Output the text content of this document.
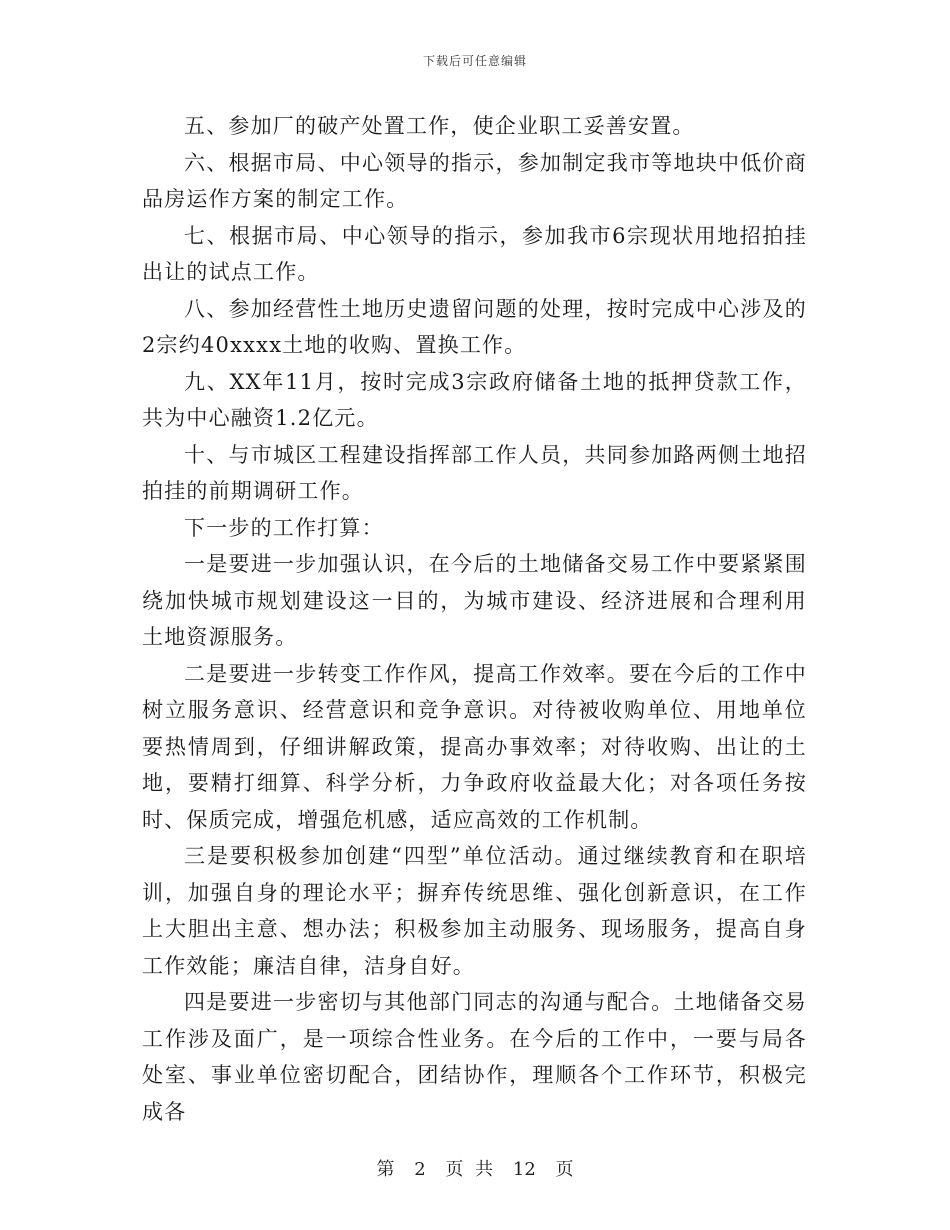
下载后可任意编辑

五、参加厂的破产处置工作，使企业职工妥善安置。

六、根据市局、中心领导的指示，参加制定我市等地块中低价商品房运作方案的制定工作。

七、根据市局、中心领导的指示，参加我市6宗现状用地招拍挂出让的试点工作。

八、参加经营性土地历史遗留问题的处理，按时完成中心涉及的2宗约40xxxx土地的收购、置换工作。

九、XX年11月，按时完成3宗政府储备土地的抵押贷款工作，共为中心融资1.2亿元。

十、与市城区工程建设指挥部工作人员，共同参加路两侧土地招拍挂的前期调研工作。

下一步的工作打算：

一是要进一步加强认识，在今后的土地储备交易工作中要紧紧围绕加快城市规划建设这一目的，为城市建设、经济进展和合理利用土地资源服务。

二是要进一步转变工作作风，提高工作效率。要在今后的工作中树立服务意识、经营意识和竞争意识。对待被收购单位、用地单位要热情周到，仔细讲解政策，提高办事效率；对待收购、出让的土地，要精打细算、科学分析，力争政府收益最大化；对各项任务按时、保质完成，增强危机感，适应高效的工作机制。

三是要积极参加创建“四型”单位活动。通过继续教育和在职培训，加强自身的理论水平；摒弃传统思维、强化创新意识，在工作上大胆出主意、想办法；积极参加主动服务、现场服务，提高自身工作效能；廉洁自律，洁身自好。

四是要进一步密切与其他部门同志的沟通与配合。土地储备交易工作涉及面广，是一项综合性业务。在今后的工作中，一要与局各处室、事业单位密切配合，团结协作，理顺各个工作环节，积极完成各

第 2 页 共 12 页
